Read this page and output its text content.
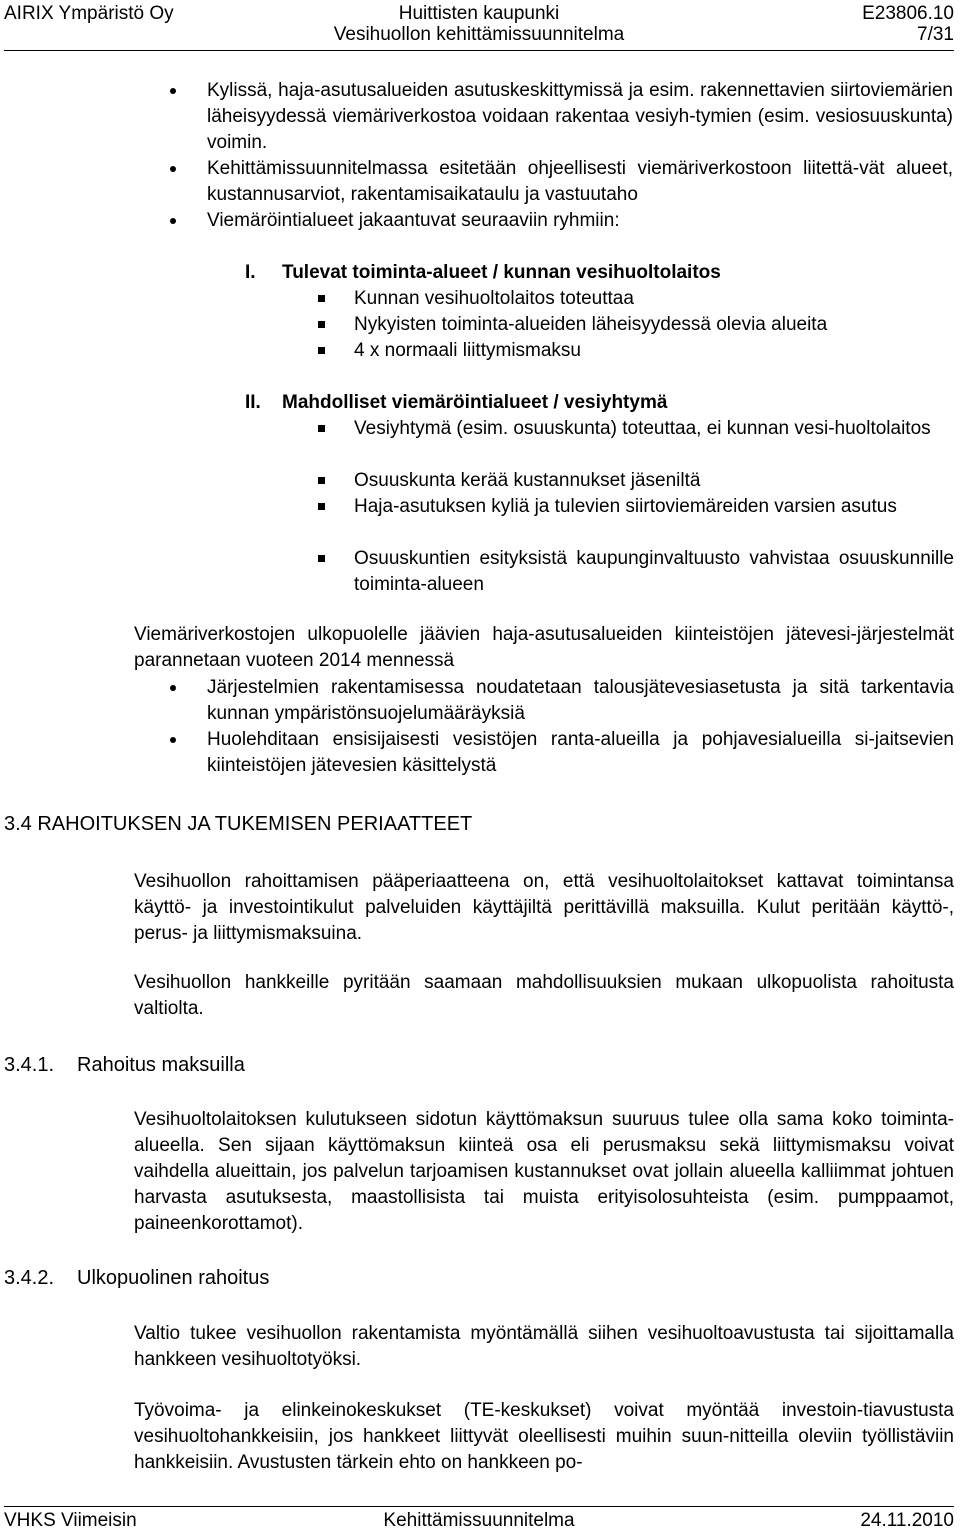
AIRIX Ympäristö Oy	Huittisten kaupunki	E23806.10
Vesihuollon kehittämissuunnitelma	7/31
Kylissä, haja-asutusalueiden asutuskeskittymissä ja esim. rakennettavien siirtoviemärien läheisyydessä viemäriverkostoa voidaan rakentaa vesiyh-tymien (esim. vesiosuuskunta) voimin.
Kehittämissuunnitelmassa esitetään ohjeellisesti viemäriverkostoon liitettä-vät alueet, kustannusarviot, rakentamisaikataulu ja vastuutaho
Viemäröintialueet jakaantuvat seuraaviin ryhmiin:
I. Tulevat toiminta-alueet / kunnan vesihuoltolaitos
Kunnan vesihuoltolaitos toteuttaa
Nykyisten toiminta-alueiden läheisyydessä olevia alueita
4 x normaali liittymismaksu
II. Mahdolliset viemäröintialueet / vesiyhtymä
Vesiyhtymä (esim. osuuskunta) toteuttaa, ei kunnan vesi-huoltolaitos
Osuuskunta kerää kustannukset jäseniltä
Haja-asutuksen kyliä ja tulevien siirtoviemäreiden varsien asutus
Osuuskuntien esityksistä kaupunginvaltuusto vahvistaa osuuskunnille toiminta-alueen
Viemäriverkostojen ulkopuolelle jäävien haja-asutusalueiden kiinteistöjen jätevesi-järjestelmät parannetaan vuoteen 2014 mennessä
Järjestelmien rakentamisessa noudatetaan talousjätevesiasetusta ja sitä tarkentavia kunnan ympäristönsuojelumääräyksiä
Huolehditaan ensisijaisesti vesistöjen ranta-alueilla ja pohjavesialueilla si-jaitsevien kiinteistöjen jätevesien käsittelystä
3.4 RAHOITUKSEN JA TUKEMISEN PERIAATTEET
Vesihuollon rahoittamisen pääperiaatteena on, että vesihuoltolaitokset kattavat toimintansa käyttö- ja investointikulut palveluiden käyttäjiltä perittävillä maksuilla. Kulut peritään käyttö-, perus- ja liittymismaksuina.
Vesihuollon hankkeille pyritään saamaan mahdollisuuksien mukaan ulkopuolista rahoitusta valtiolta.
3.4.1. Rahoitus maksuilla
Vesihuoltolaitoksen kulutukseen sidotun käyttömaksun suuruus tulee olla sama koko toiminta-alueella. Sen sijaan käyttömaksun kiinteä osa eli perusmaksu sekä liittymismaksu voivat vaihdella alueittain, jos palvelun tarjoamisen kustannukset ovat jollain alueella kalliimmat johtuen harvasta asutuksesta, maastollisista tai muista erityisolosuhteista (esim. pumppaamot, paineenkorottamot).
3.4.2. Ulkopuolinen rahoitus
Valtio tukee vesihuollon rakentamista myöntämällä siihen vesihuoltoavustusta tai sijoittamalla hankkeen vesihuoltotyöksi.
Työvoima- ja elinkeinokeskukset (TE-keskukset) voivat myöntää investoin-tiavustusta vesihuoltohankkeisiin, jos hankkeet liittyvät oleellisesti muihin suun-nitteilla oleviin työllistäviin hankkeisiin. Avustusten tärkein ehto on hankkeen po-
VHKS Viimeisin	Kehittämissuunnitelma	24.11.2010
